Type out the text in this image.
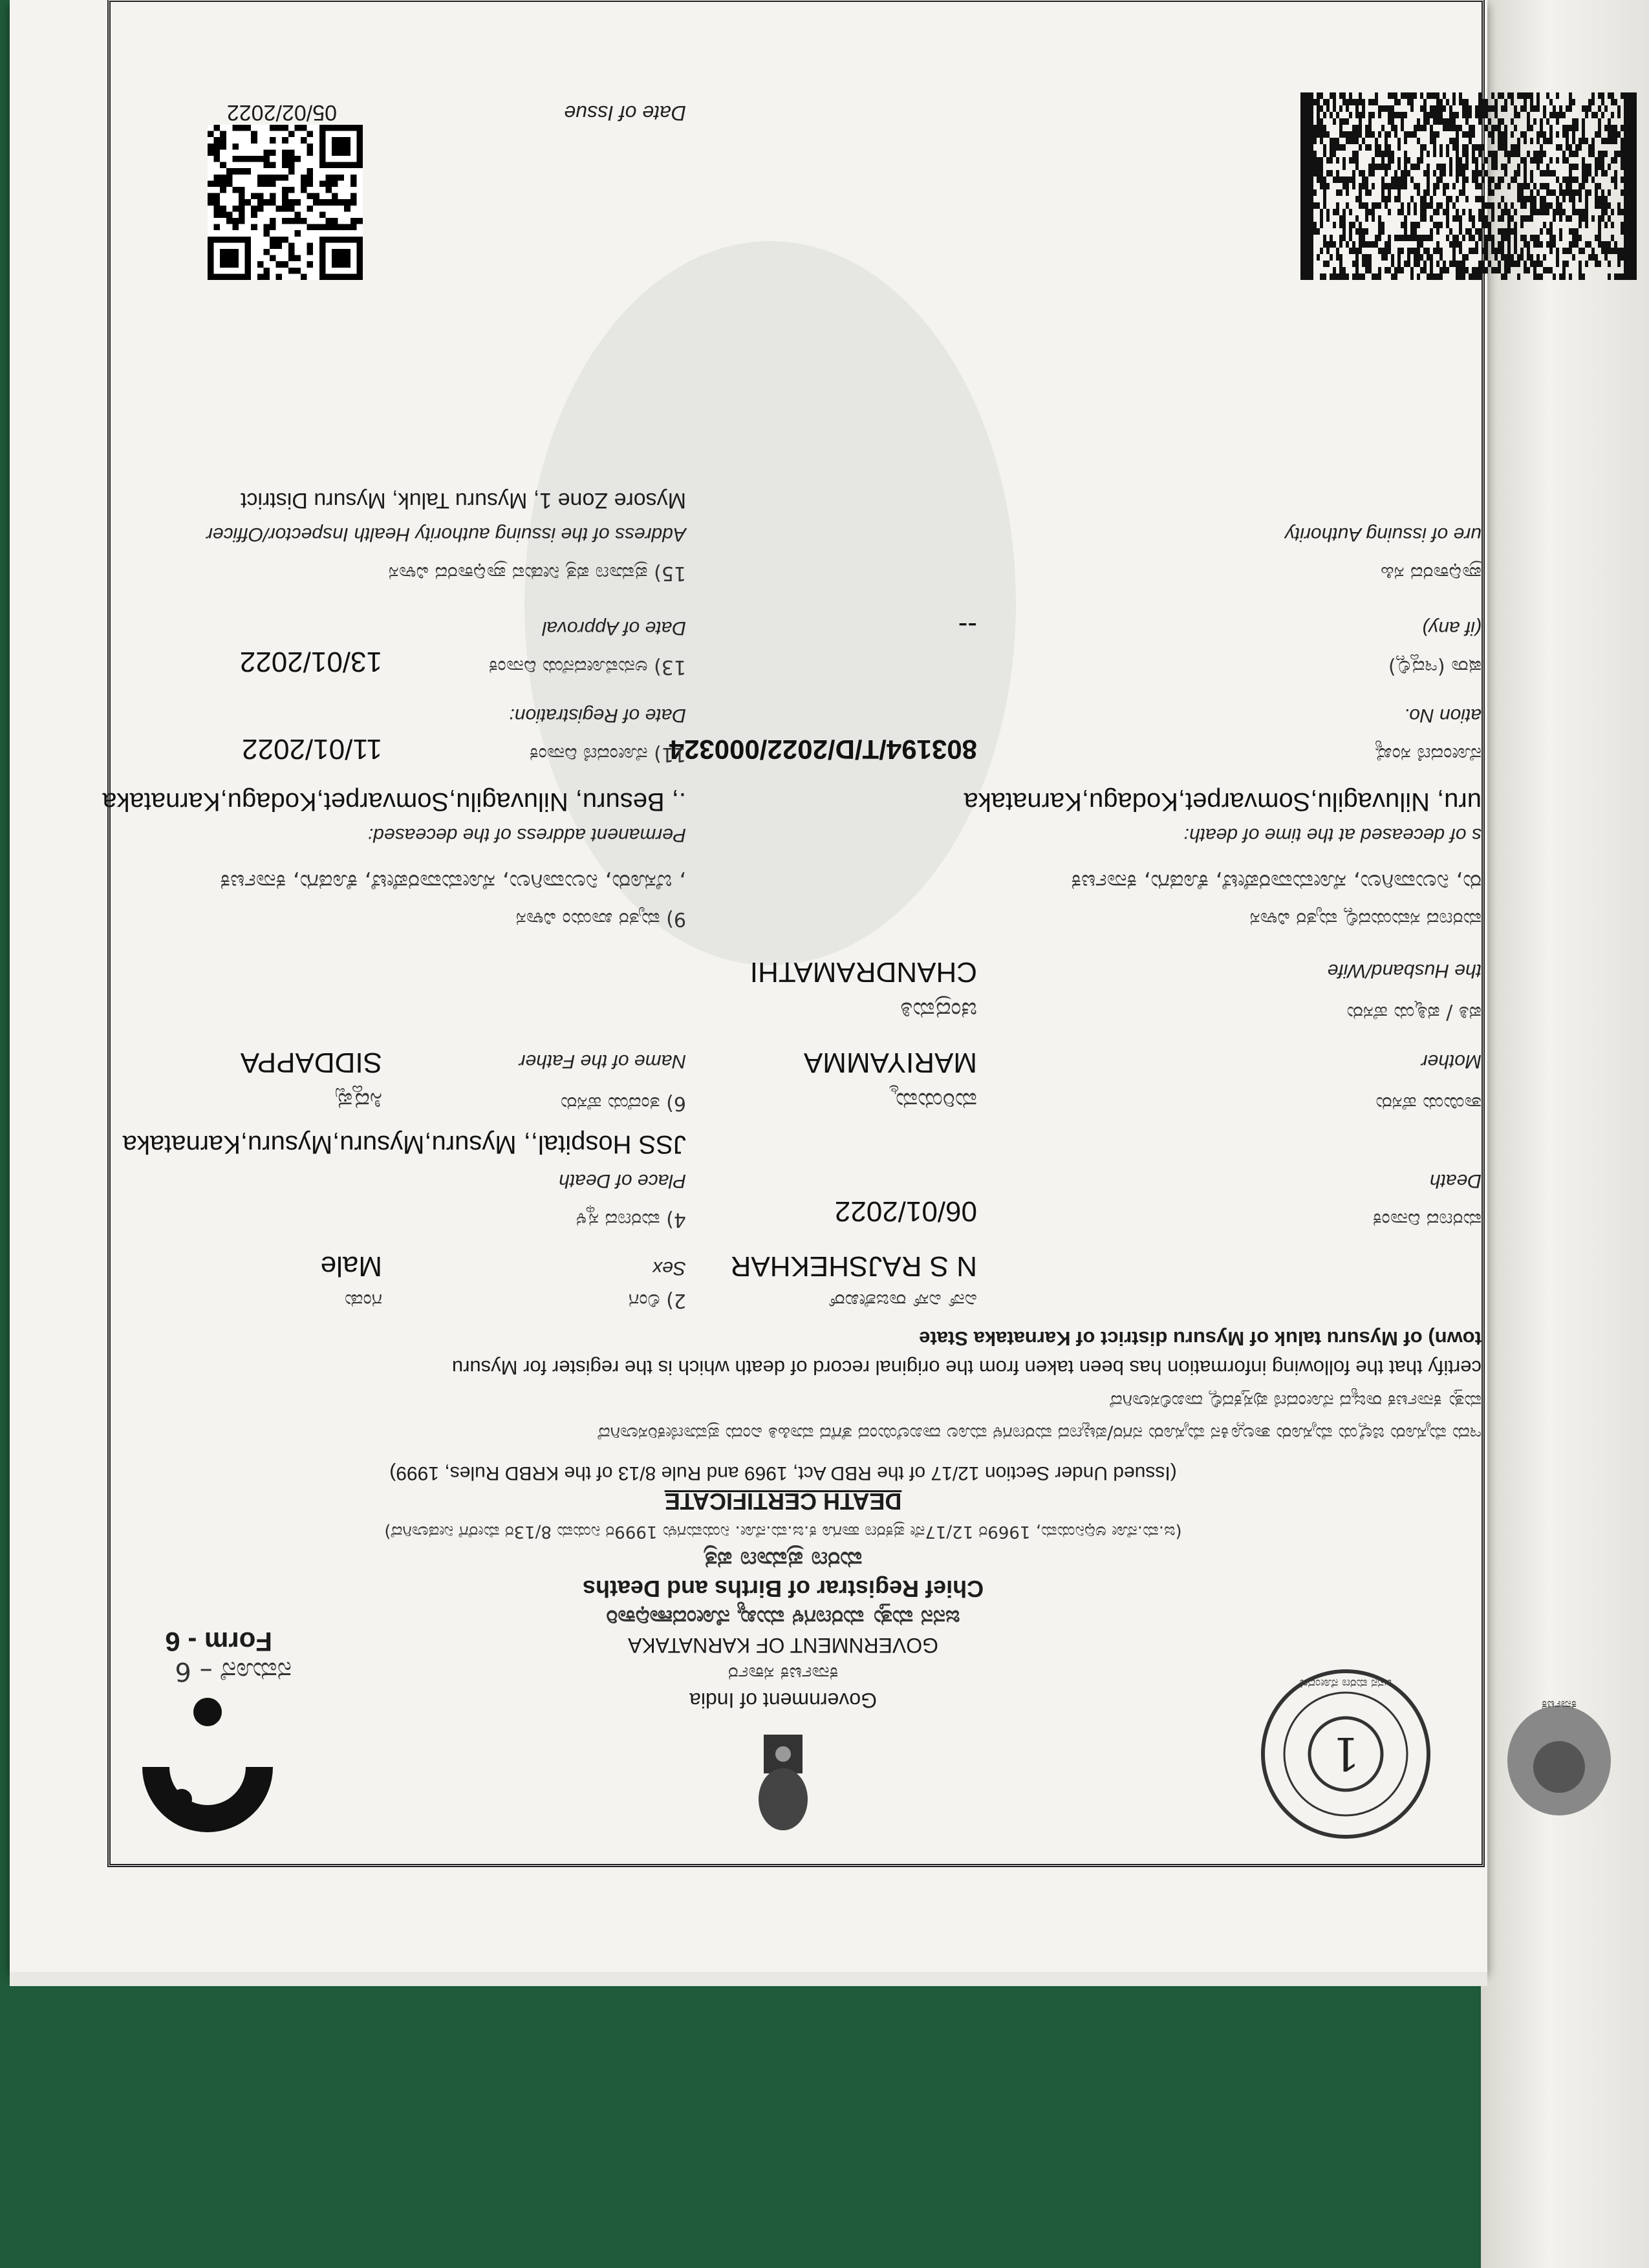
1
ಜನನ ಮರಣ ನೋಂದಣಿ
ಕರ್ನಾಟಕ
ನಮೂನೆ – 6
Form - 6
Government of India
ಕರ್ನಾಟಕ ಸರ್ಕಾರ
GOVERNMENT OF KARNATAKA
ಜನನ ಮತ್ತು ಮರಣಗಳ ಮುಖ್ಯ ನೋಂದಣಾಧಿಕಾರಿ
Chief Registrar of Births and Deaths
ಮರಣ ಪ್ರಮಾಣ ಪತ್ರ
(ಜ.ಮ.ನೋ ಅಧಿನಿಯಮ, 1969ರ 12/17ನೇ ಪ್ರಕರಣ ಹಾಗೂ ಕ.ಜ.ಮ.ನೋ. ನಿಯಮಗಳು 1999ರ ನಿಯಮ 8/13ರ ಮೇರೆಗೆ ನೀಡಲಾಗಿದೆ)
DEATH CERTIFICATE
(Issued Under Section 12/17 of the RBD Act, 1969 and Rule 8/13 of the KRBD Rules, 1999)
ಇದು ಮೈಸೂರು ಜಿಲ್ಲೆಯ ಮೈಸೂರು ತಾಲ್ಲೂಕಿನ ಮೈಸೂರು ನಗರ/ಪಟ್ಟಣದ ಮರಣಗಳ ಮೂಲ ದಾಖಲೆಯಿಂದ ತೆಗೆದ ಮಾಹಿತಿ ಎಂದು ಪ್ರಮಾಣೀಕರಿಸಲಾಗಿದೆ
ಮತ್ತು ಕರ್ನಾಟಕ ರಾಜ್ಯದ ನೋಂದಣಿ ಪುಸ್ತಕದಲ್ಲಿ ದಾಖಲಿಸಲಾಗಿದೆ
certify that the following information has been taken from the original record of death which is the register for Mysuru
town) of Mysuru taluk of Mysuru district of Karnataka State
ಎನ್ ಎಸ್ ರಾಜಶೇಖರ್
N S RAJSHEKHAR
2) ಲಿಂಗ
Sex
ಗಂಡು
Male
ಮರಣದ ದಿನಾಂಕ
Death
06/01/2022
4) ಮರಣದ ಸ್ಥಳ
Place of Death
JSS Hospital,, Mysuru,Mysuru,Mysuru,Karnataka
ತಾಯಿಯ ಹೆಸರು
ಮರಿಯಮ್ಮ
6) ತಂದೆಯ ಹೆಸರು
ಸಿದ್ದಪ್ಪ
Mother
MARIYAMMA
Name of the Father
SIDDAPPA
ಪತಿ / ಪತ್ನಿಯ ಹೆಸರು
ಚಂದ್ರಮತಿ
the Husband/Wife
CHANDRAMATHI
ಮರಣದ ಸಮಯದಲ್ಲಿ ಮೃತರ ವಿಳಾಸ
9) ಮೃತರ ಖಾಯಂ ವಿಳಾಸ
ರು, ನಿಲುವಾಗಿಲು, ಸೋಮವಾರಪೇಟೆ, ಕೊಡಗು, ಕರ್ನಾಟಕ
, ಬೆಸೂರು, ನಿಲುವಾಗಿಲು, ಸೋಮವಾರಪೇಟೆ, ಕೊಡಗು, ಕರ್ನಾಟಕ
s of deceased at the time of death:
Permanent address of the deceased:
uru, Niluvagilu,Somvarpet,Kodagu,Karnataka
., Besuru, Niluvagilu,Somvarpet,Kodagu,Karnataka
ನೋಂದಣಿ ಸಂಖ್ಯೆ
ation No.
803194/T/D/2022/000324
11) ನೋಂದಣಿ ದಿನಾಂಕ
Date of Registration:
11/01/2022
ಷರಾ (ಇದ್ದಲ್ಲಿ)
(if any)
--
13) ಅನುಮೋದನೆಯ ದಿನಾಂಕ
Date of Approval
13/01/2022
ಪ್ರಾಧಿಕಾರದ ಸಹಿ
ure of issuing Authority
15) ಪ್ರಮಾಣ ಪತ್ರ ನೀಡುವ ಪ್ರಾಧಿಕಾರದ ವಿಳಾಸ
Address of the issuing authority Health Inspector/Officer
Mysore Zone 1, Mysuru Taluk, Mysuru District
Date of Issue
05/02/2022
